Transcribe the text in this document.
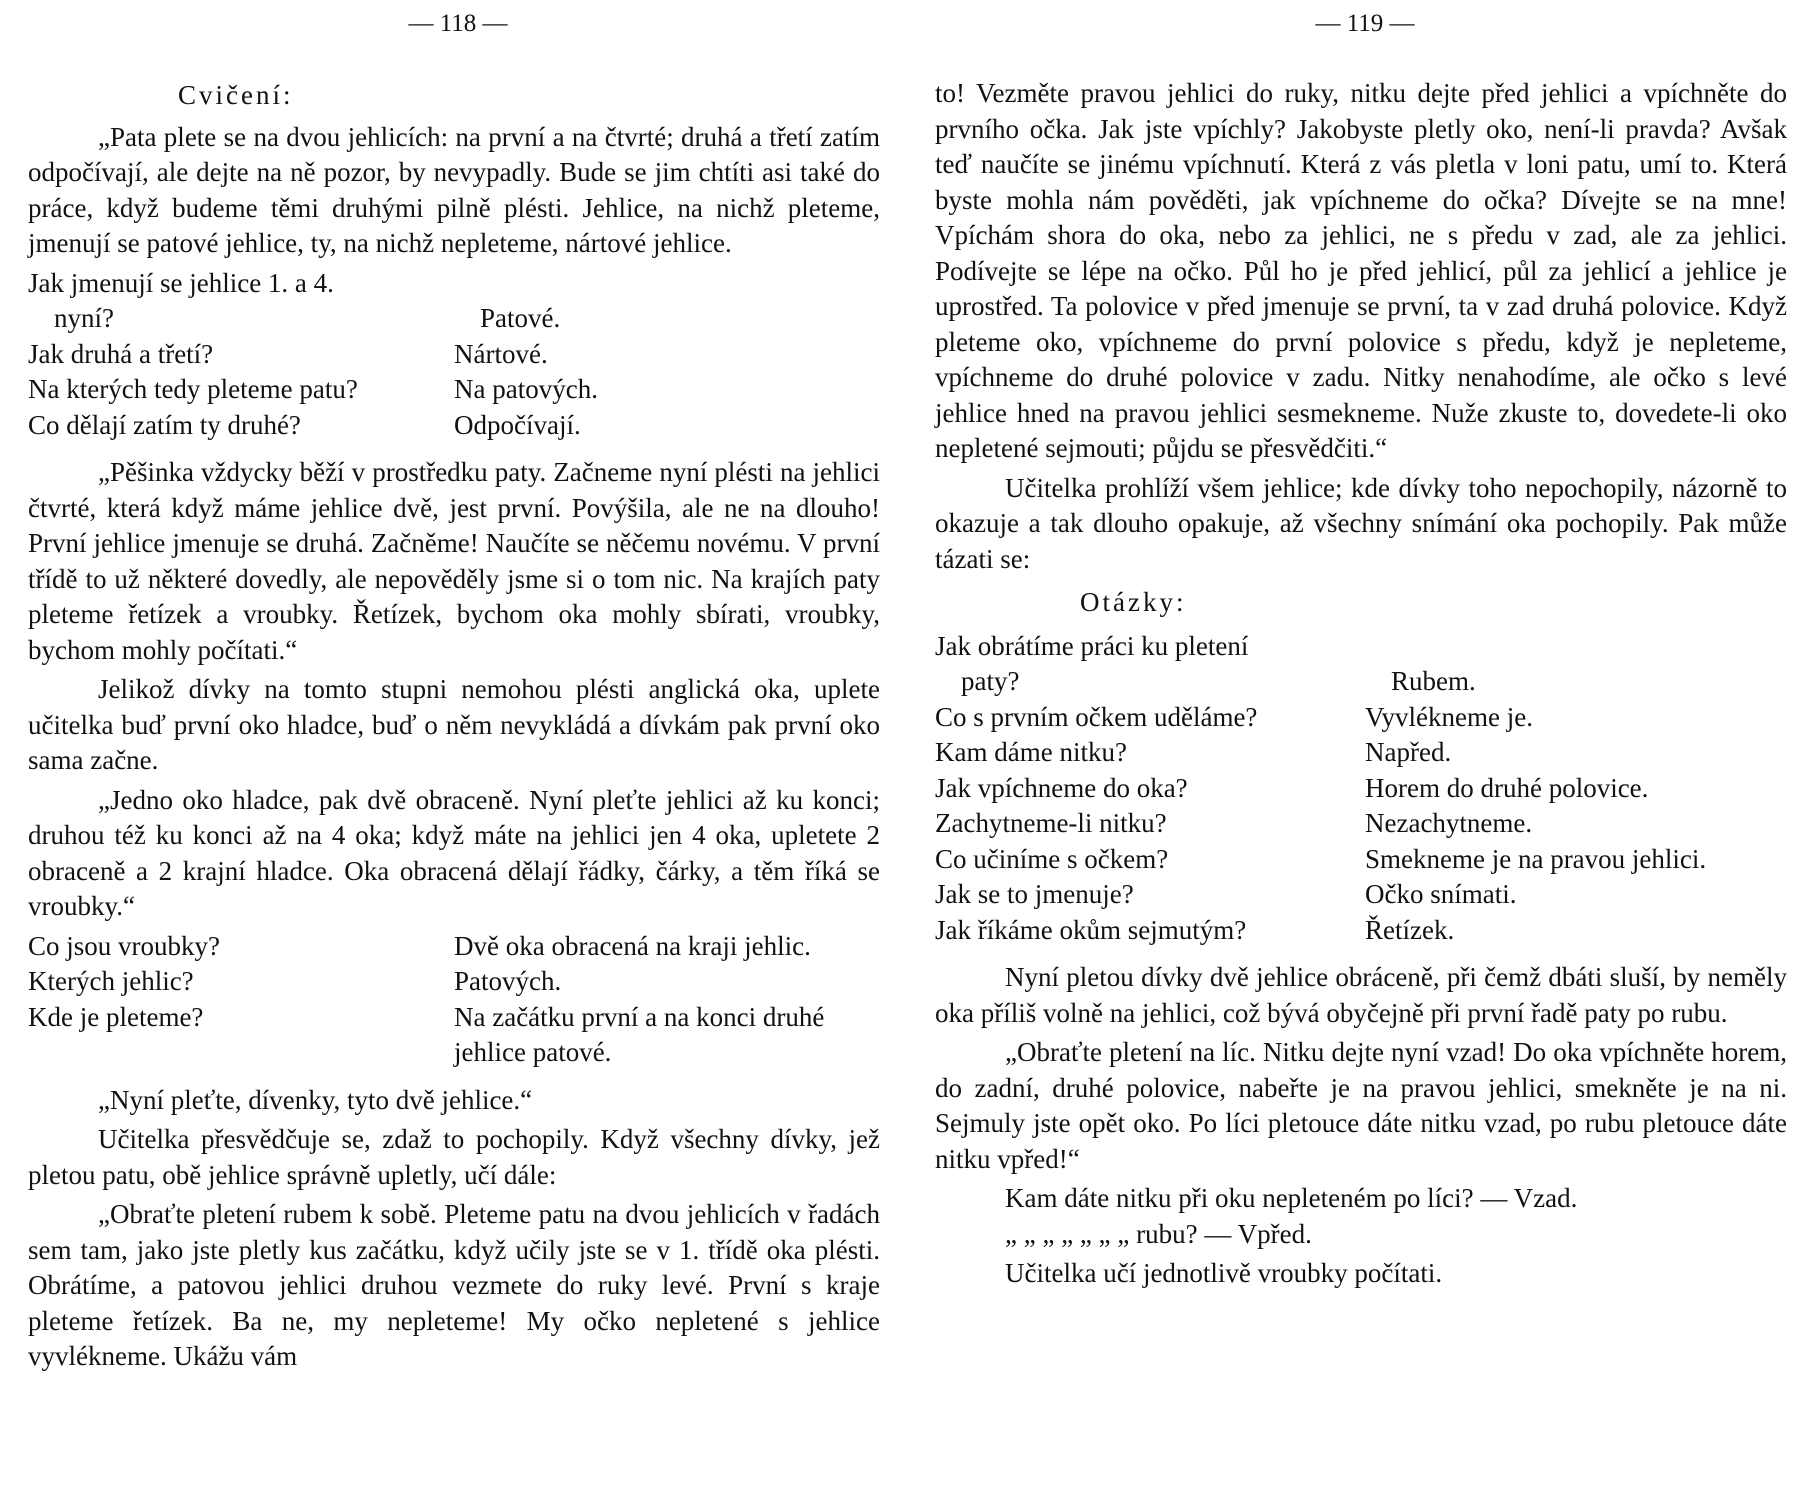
— 118 —
Cvičení:

„Pata plete se na dvou jehlicích: na první a na čtvrté; druhá a třetí zatím odpočívají, ale dejte na ně pozor, by nevypadly. Bude se jim chtíti asi také do práce, když budeme těmi druhými pilně plésti. Jehlice, na nichž pleteme, jmenují se patové jehlice, ty, na nichž nepleteme, nártové jehlice.

Jak jmenují se jehlice 1. a 4.
nyní?	Patové.
Jak druhá a třetí?	Nártové.
Na kterých tedy pleteme patu?	Na patových.
Co dělají zatím ty druhé?	Odpočívají.

„Pěšinka vždycky běží v prostředku paty. Začneme nyní plésti na jehlici čtvrté, která když máme jehlice dvě, jest první. Povýšila, ale ne na dlouho! První jehlice jmenuje se druhá. Začněme! Naučíte se něčemu novému. V první třídě to už některé dovedly, ale nepověděly jsme si o tom nic. Na krajích paty pleteme řetízek a vroubky. Řetízek, bychom oka mohly sbírati, vroubky, bychom mohly počítati.“

Jelikož dívky na tomto stupni nemohou plésti anglická oka, uplete učitelka buď první oko hladce, buď o něm nevykládá a dívkám pak první oko sama začne.

„Jedno oko hladce, pak dvě obraceně. Nyní pleťte jehlici až ku konci; druhou též ku konci až na 4 oka; když máte na jehlici jen 4 oka, upletete 2 obraceně a 2 krajní hladce. Oka obracená dělají řádky, čárky, a těm říká se vroubky.“

Co jsou vroubky?	Dvě oka obracená na kraji jehlic.
Kterých jehlic?	Patových.
Kde je pleteme?	Na začátku první a na konci druhé jehlice patové.

„Nyní pleťte, dívenky, tyto dvě jehlice.“

Učitelka přesvědčuje se, zdaž to pochopily. Když všechny dívky, jež pletou patu, obě jehlice správně upletly, učí dále:

„Obraťte pletení rubem k sobě. Pleteme patu na dvou jehlicích v řadách sem tam, jako jste pletly kus začátku, když učily jste se v 1. třídě oka plésti. Obrátíme, a patovou jehlici druhou vezmete do ruky levé. První s kraje pleteme řetízek. Ba ne, my nepleteme! My očko nepletené s jehlice vyvlékneme. Ukážu vám

— 119 —

to! Vezměte pravou jehlici do ruky, nitku dejte před jehlici a vpíchněte do prvního očka. Jak jste vpíchly? Jakobyste pletly oko, není-li pravda? Avšak teď naučíte se jinému vpíchnutí. Která z vás pletla v loni patu, umí to. Která byste mohla nám pověděti, jak vpíchneme do očka? Dívejte se na mne! Vpíchám shora do oka, nebo za jehlici, ne s předu v zad, ale za jehlici. Podívejte se lépe na očko. Půl ho je před jehlicí, půl za jehlicí a jehlice je uprostřed. Ta polovice v před jmenuje se první, ta v zad druhá polovice. Když pleteme oko, vpíchneme do první polovice s předu, když je nepleteme, vpíchneme do druhé polovice v zadu. Nitky nenahodíme, ale očko s levé jehlice hned na pravou jehlici sesmekneme. Nuže zkuste to, dovedete-li oko nepletené sejmouti; půjdu se přesvědčiti.“

Učitelka prohlíží všem jehlice; kde dívky toho nepochopily, názorně to okazuje a tak dlouho opakuje, až všechny snímání oka pochopily. Pak může tázati se:

Otázky:
Jak obrátíme práci ku pletení
paty?	Rubem.
Co s prvním očkem uděláme?	Vyvlékneme je.
Kam dáme nitku?	Napřed.
Jak vpíchneme do oka?	Horem do druhé polovice.
Zachytneme-li nitku?	Nezachytneme.
Co učiníme s očkem?	Smekneme je na pravou jehlici.
Jak se to jmenuje?	Očko snímati.
Jak říkáme okům sejmutým?	Řetízek.

Nyní pletou dívky dvě jehlice obráceně, při čemž dbáti sluší, by neměly oka příliš volně na jehlici, což bývá obyčejně při první řadě paty po rubu.

„Obraťte pletení na líc. Nitku dejte nyní vzad! Do oka vpíchněte horem, do zadní, druhé polovice, nabeřte je na pravou jehlici, smekněte je na ni. Sejmuly jste opět oko. Po líci pletouce dáte nitku vzad, po rubu pletouce dáte nitku vpřed!“

Kam dáte nitku při oku nepleteném po líci? — Vzad.
„ „ „ „ „ „ „ rubu? — Vpřed.

Učitelka učí jednotlivě vroubky počítati.
